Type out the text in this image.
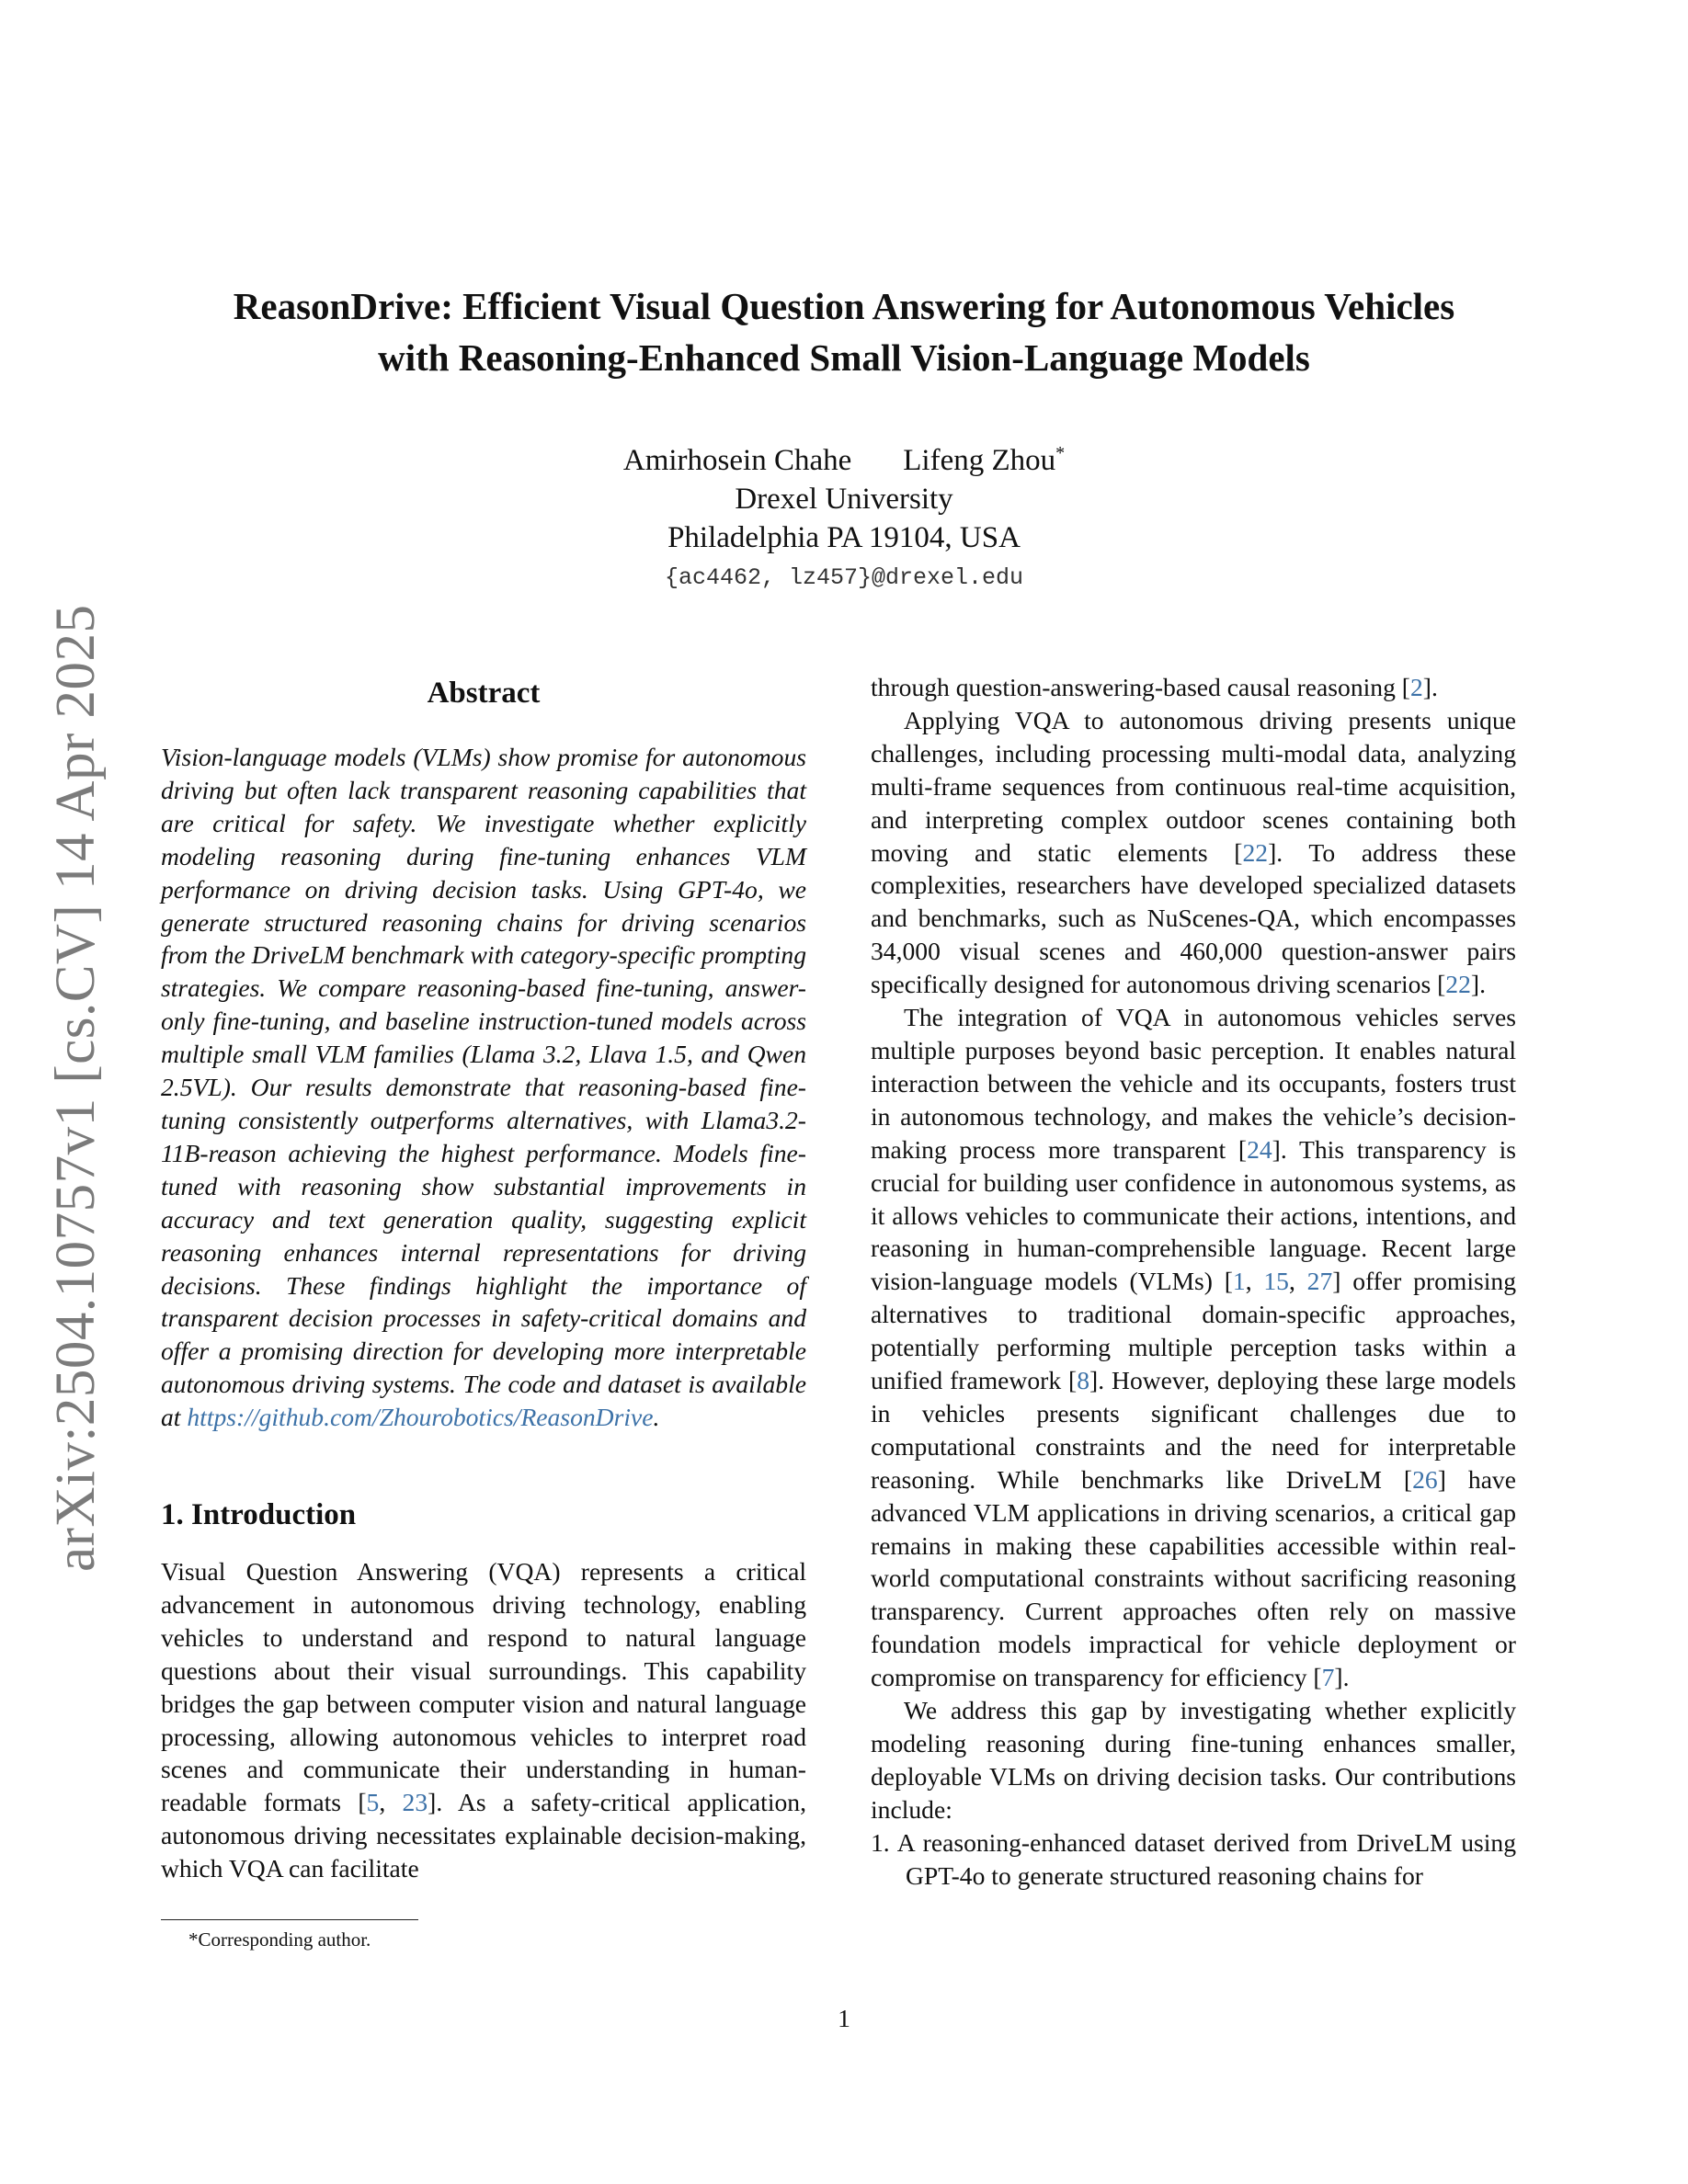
arXiv:2504.10757v1 [cs.CV] 14 Apr 2025

ReasonDrive: Efficient Visual Question Answering for Autonomous Vehicles

with Reasoning-Enhanced Small Vision-Language Models

Amirhosein Chahe Lifeng Zhou*
Drexel University
Philadelphia PA 19104, USA
{ac4462, lz457}@drexel.edu
Abstract

Vision-language models (VLMs) show promise for autonomous driving but often lack transparent reasoning capabilities that are critical for safety. We investigate whether explicitly modeling reasoning during fine-tuning enhances VLM performance on driving decision tasks. Using GPT-4o, we generate structured reasoning chains for driving scenarios from the DriveLM benchmark with category-specific prompting strategies. We compare reasoning-based fine-tuning, answer-only fine-tuning, and baseline instruction-tuned models across multiple small VLM families (Llama 3.2, Llava 1.5, and Qwen 2.5VL). Our results demonstrate that reasoning-based fine-tuning consistently outperforms alternatives, with Llama3.2-11B-reason achieving the highest performance. Models fine-tuned with reasoning show substantial improvements in accuracy and text generation quality, suggesting explicit reasoning enhances internal representations for driving decisions. These findings highlight the importance of transparent decision processes in safety-critical domains and offer a promising direction for developing more interpretable autonomous driving systems. The code and dataset is available at https://github.com/Zhourobotics/ReasonDrive.

1. Introduction

Visual Question Answering (VQA) represents a critical advancement in autonomous driving technology, enabling vehicles to understand and respond to natural language questions about their visual surroundings. This capability bridges the gap between computer vision and natural language processing, allowing autonomous vehicles to interpret road scenes and communicate their understanding in human-readable formats [5, 23]. As a safety-critical application, autonomous driving necessitates explainable decision-making, which VQA can facilitate

through question-answering-based causal reasoning [2].

Applying VQA to autonomous driving presents unique challenges, including processing multi-modal data, analyzing multi-frame sequences from continuous real-time acquisition, and interpreting complex outdoor scenes containing both moving and static elements [22]. To address these complexities, researchers have developed specialized datasets and benchmarks, such as NuScenes-QA, which encompasses 34,000 visual scenes and 460,000 question-answer pairs specifically designed for autonomous driving scenarios [22].

The integration of VQA in autonomous vehicles serves multiple purposes beyond basic perception. It enables natural interaction between the vehicle and its occupants, fosters trust in autonomous technology, and makes the vehicle’s decision-making process more transparent [24]. This transparency is crucial for building user confidence in autonomous systems, as it allows vehicles to communicate their actions, intentions, and reasoning in human-comprehensible language. Recent large vision-language models (VLMs) [1, 15, 27] offer promising alternatives to traditional domain-specific approaches, potentially performing multiple perception tasks within a unified framework [8]. However, deploying these large models in vehicles presents significant challenges due to computational constraints and the need for interpretable reasoning. While benchmarks like DriveLM [26] have advanced VLM applications in driving scenarios, a critical gap remains in making these capabilities accessible within real-world computational constraints without sacrificing reasoning transparency. Current approaches often rely on massive foundation models impractical for vehicle deployment or compromise on transparency for efficiency [7].

We address this gap by investigating whether explicitly modeling reasoning during fine-tuning enhances smaller, deployable VLMs on driving decision tasks. Our contributions include:

1. A reasoning-enhanced dataset derived from DriveLM using GPT-4o to generate structured reasoning chains for

*Corresponding author.
1
